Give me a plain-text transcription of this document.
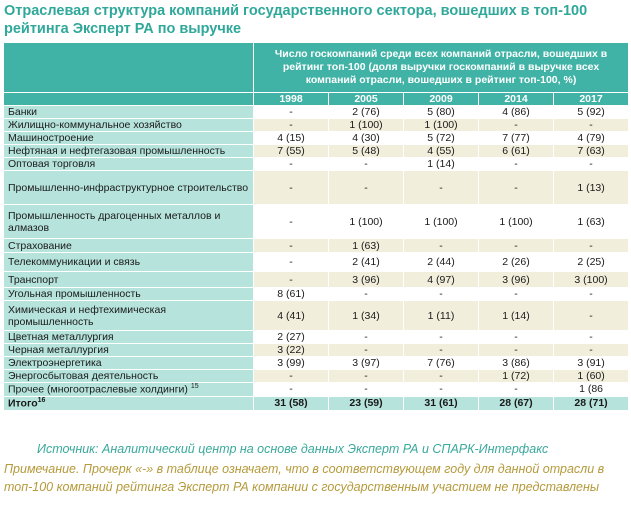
Отраслевая структура компаний государственного сектора, вошедших в топ-100 рейтинга Эксперт РА по выручке
	Число госкомпаний среди всех компаний отрасли, вошедших в рейтинг топ-100 (доля выручки госкомпаний в выручке всех компаний отрасли, вошедших в рейтинг топ-100, %)				
	1998	2005	2009	2014	2017
Банки	-	2 (76)	5 (80)	4 (86)	5 (92)
Жилищно-коммунальное хозяйство	-	1 (100)	1 (100)	-	-
Машиностроение	4 (15)	4 (30)	5 (72)	7 (77)	4 (79)
Нефтяная и нефтегазовая промышленность	7 (55)	5 (48)	4 (55)	6 (61)	7 (63)
Оптовая торговля	-	-	1 (14)	-	-
Промышленно-инфраструктурное строительство	-	-	-	-	1 (13)
Промышленность драгоценных металлов и алмазов	-	1 (100)	1 (100)	1 (100)	1 (63)
Страхование	-	1 (63)	-	-	-
Телекоммуникации и связь	-	2 (41)	2 (44)	2 (26)	2 (25)
Транспорт	-	3 (96)	4 (97)	3 (96)	3 (100)
Угольная промышленность	8 (61)	-	-	-	-
Химическая и нефтехимическая промышленность	4 (41)	1 (34)	1 (11)	1 (14)	-
Цветная металлургия	2 (27)	-	-	-	-
Черная металлургия	3 (22)	-	-	-	-
Электроэнергетика	3 (99)	3 (97)	7 (76)	3 (86)	3 (91)
Энергосбытовая деятельность	-	-	-	1 (72)	1 (60)
Прочее (многоотраслевые холдинги) $^{15}$	-	-	-	-	1 (86
Итого$^{16}$	31 (58)	23 (59)	31 (61)	28 (67)	28 (71)
Источник: Аналитический центр на основе данных Эксперт РА и СПАРК-Интерфакс
Примечание. Прочерк «-» в таблице означает, что в соответствующем году для данной отрасли в топ-100 компаний рейтинга Эксперт РА компании с государственным участием не представлены
